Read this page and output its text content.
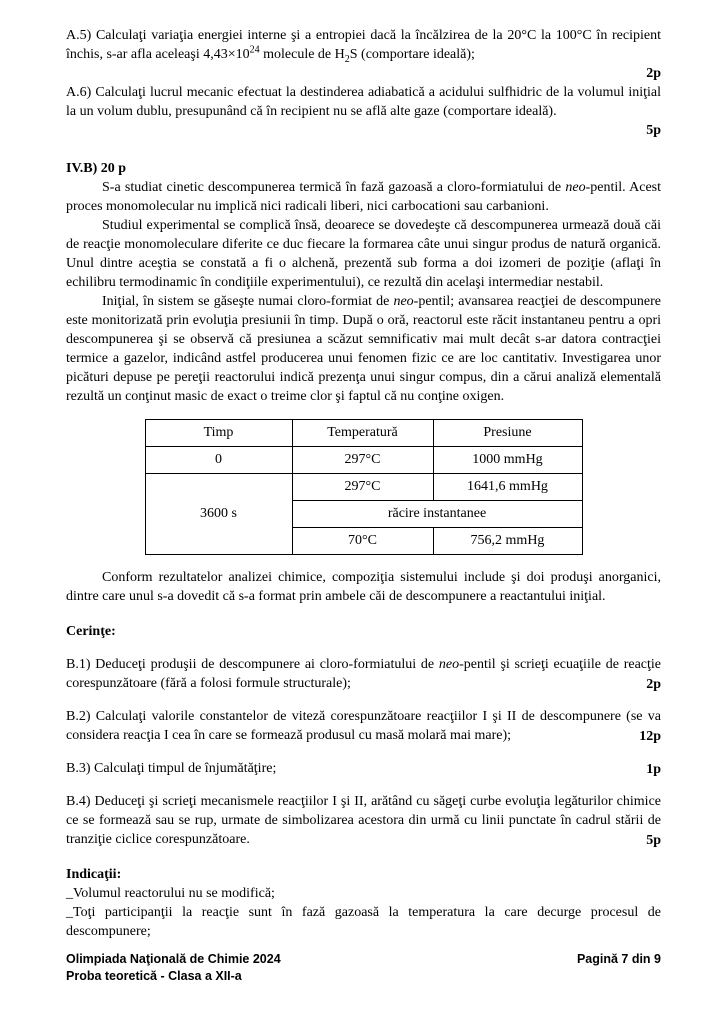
A.5) Calculaţi variaţia energiei interne şi a entropiei dacă la încălzirea de la 20°C la 100°C în recipient închis, s-ar afla aceleaşi $4,43\times 10^{24}$ molecule de $H_2S$ (comportare ideală);

2p

A.6) Calculaţi lucrul mecanic efectuat la destinderea adiabatică a acidului sulfhidric de la volumul iniţial la un volum dublu, presupunând că în recipient nu se află alte gaze (comportare ideală).

5p

IV.B) 20 p

S-a studiat cinetic descompunerea termică în fază gazoasă a cloro-formiatului de neo-pentil. Acest proces monomolecular nu implică nici radicali liberi, nici carbocationi sau carbanioni.

Studiul experimental se complică însă, deoarece se dovedeşte că descompunerea urmează două căi de reacţie monomoleculare diferite ce duc fiecare la formarea câte unui singur produs de natură organică. Unul dintre aceştia se constată a fi o alchenă, prezentă sub forma a doi izomeri de poziţie (aflaţi în echilibru termodinamic în condiţiile experimentului), ce rezultă din acelaşi intermediar nestabil.

Iniţial, în sistem se găseşte numai cloro-formiat de neo-pentil; avansarea reacţiei de descompunere este monitorizată prin evoluţia presiunii în timp. După o oră, reactorul este răcit instantaneu pentru a opri descompunerea şi se observă că presiunea a scăzut semnificativ mai mult decât s-ar datora contracţiei termice a gazelor, indicând astfel producerea unui fenomen fizic ce are loc cantitativ. Investigarea unor picături depuse pe pereţii reactorului indică prezenţa unui singur compus, din a cărui analiză elementală rezultă un conţinut masic de exact o treime clor şi faptul că nu conţine oxigen.

Timp	Temperatură	Presiune
0	297°C	1000 mmHg
3600 s	297°C	1641,6 mmHg
	răcire instantanee	
	70°C	756,2 mmHg

Conform rezultatelor analizei chimice, compoziţia sistemului include şi doi produşi anorganici, dintre care unul s-a dovedit că s-a format prin ambele căi de descompunere a reactantului iniţial.

Cerinţe:

B.1) Deduceţi produşii de descompunere ai cloro-formiatului de neo-pentil şi scrieţi ecuaţiile de reacţie corespunzătoare (fără a folosi formule structurale);	2p

B.2) Calculaţi valorile constantelor de viteză corespunzătoare reacţiilor I şi II de descompunere (se va considera reacţia I cea în care se formează produsul cu masă molară mai mare);	12p

B.3) Calculaţi timpul de înjumătăţire;	1p

B.4) Deduceţi şi scrieţi mecanismele reacţiilor I şi II, arătând cu săgeţi curbe evoluţia legăturilor chimice ce se formează sau se rup, urmate de simbolizarea acestora din urmă cu linii punctate în cadrul stării de tranziţie ciclice corespunzătoare.	5p

Indicaţii:

_Volumul reactorului nu se modifică;

_Toţi participanţii la reacţie sunt în fază gazoasă la temperatura la care decurge procesul de descompunere;

Olimpiada Naţională de Chimie 2024
Proba teoretică - Clasa a XII-a
Pagină 7 din 9
